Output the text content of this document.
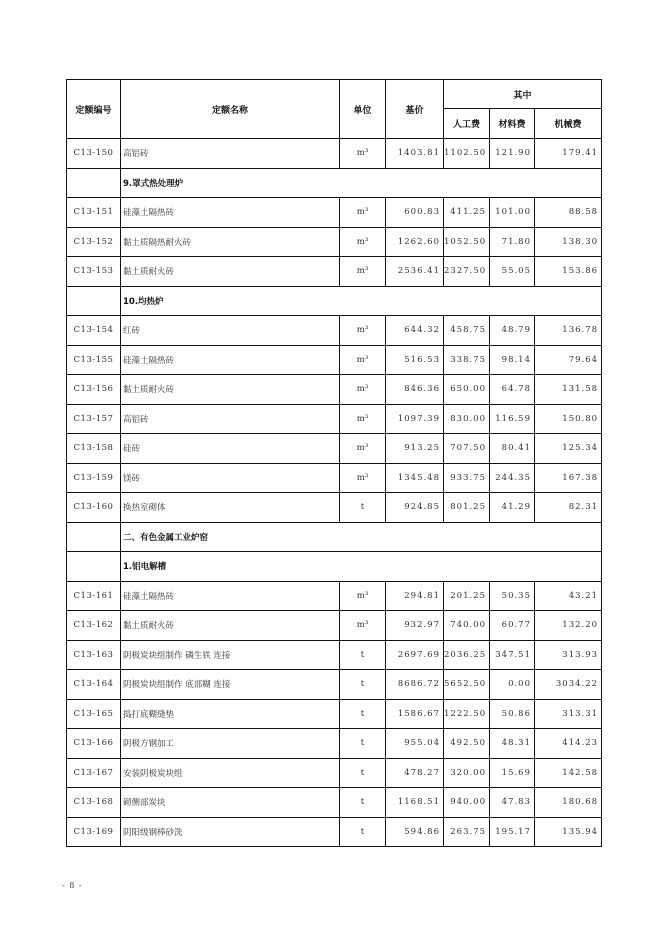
定额编号	定额名称	单位	基价	其中		
				人工费	材料费	机械费
C13-150	高铝砖	m³	1403.81	1102.50	121.90	179.41
	9.罩式热处理炉					
C13-151	硅藻土隔热砖	m³	600.83	411.25	101.00	88.58
C13-152	黏土质隔热耐火砖	m³	1262.60	1052.50	71.80	138.30
C13-153	黏土质耐火砖	m³	2536.41	2327.50	55.05	153.86
	10.均热炉					
C13-154	红砖	m³	644.32	458.75	48.79	136.78
C13-155	硅藻土隔热砖	m³	516.53	338.75	98.14	79.64
C13-156	黏土质耐火砖	m³	846.36	650.00	64.78	131.58
C13-157	高铝砖	m³	1097.39	830.00	116.59	150.80
C13-158	硅砖	m³	913.25	707.50	80.41	125.34
C13-159	镁砖	m³	1345.48	933.75	244.35	167.38
C13-160	换热室砌体	t	924.85	801.25	41.29	82.31
	二、有色金属工业炉窑					
	1.铝电解槽					
C13-161	硅藻土隔热砖	m³	294.81	201.25	50.35	43.21
C13-162	黏土质耐火砖	m³	932.97	740.00	60.77	132.20
C13-163	阴极炭块组制作 磷生铁 连接	t	2697.69	2036.25	347.51	313.93
C13-164	阴极炭块组制作 底部糊 连接	t	8686.72	5652.50	0.00	3034.22
C13-165	捣打底糊缝垫	t	1586.67	1222.50	50.86	313.31
C13-166	阴极方钢加工	t	955.04	492.50	48.31	414.23
C13-167	安装阴极炭块组	t	478.27	320.00	15.69	142.58
C13-168	砌侧部炭块	t	1168.51	940.00	47.83	180.68
C13-169	阴阳级钢棒砂洗	t	594.86	263.75	195.17	135.94
- 8 -
